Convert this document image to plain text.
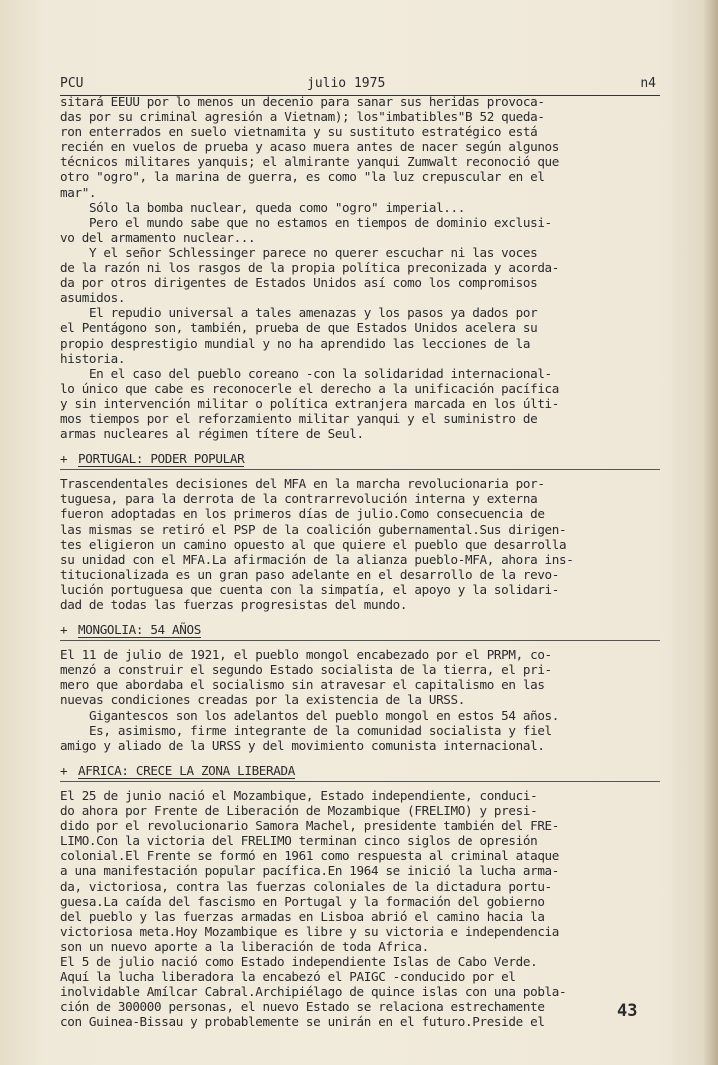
PCU	julio 1975	n4

sitará EEUU por lo menos un decenio para sanar sus heridas provoca-
das por su criminal agresión a Vietnam); los"imbatibles"B 52 queda-
ron enterrados en suelo vietnamita y su sustituto estratégico está
recién en vuelos de prueba y acaso muera antes de nacer según algunos
técnicos militares yanquis; el almirante yanqui Zumwalt reconoció que
otro "ogro", la marina de guerra, es como "la luz crepuscular en el
mar".
Sólo la bomba nuclear, queda como "ogro" imperial...
Pero el mundo sabe que no estamos en tiempos de dominio exclusi-
vo del armamento nuclear...
Y el señor Schlessinger parece no querer escuchar ni las voces
de la razón ni los rasgos de la propia política preconizada y acorda-
da por otros dirigentes de Estados Unidos así como los compromisos
asumidos.
El repudio universal a tales amenazas y los pasos ya dados por
el Pentágono son, también, prueba de que Estados Unidos acelera su
propio desprestigio mundial y no ha aprendido las lecciones de la
historia.
En el caso del pueblo coreano -con la solidaridad internacional-
lo único que cabe es reconocerle el derecho a la unificación pacífica
y sin intervención militar o política extranjera marcada en los últi-
mos tiempos por el reforzamiento militar yanqui y el suministro de
armas nucleares al régimen títere de Seul.

+ PORTUGAL: PODER POPULAR

Trascendentales decisiones del MFA en la marcha revolucionaria por-
tuguesa, para la derrota de la contrarrevolución interna y externa
fueron adoptadas en los primeros días de julio.Como consecuencia de
las mismas se retiró el PSP de la coalición gubernamental.Sus dirigen-
tes eligieron un camino opuesto al que quiere el pueblo que desarrolla
su unidad con el MFA.La afirmación de la alianza pueblo-MFA, ahora ins-
titucionalizada es un gran paso adelante en el desarrollo de la revo-
lución portuguesa que cuenta con la simpatía, el apoyo y la solidari-
dad de todas las fuerzas progresistas del mundo.

+ MONGOLIA: 54 AÑOS

El 11 de julio de 1921, el pueblo mongol encabezado por el PRPM, co-
menzó a construir el segundo Estado socialista de la tierra, el pri-
mero que abordaba el socialismo sin atravesar el capitalismo en las
nuevas condiciones creadas por la existencia de la URSS.
Gigantescos son los adelantos del pueblo mongol en estos 54 años.
Es, asimismo, firme integrante de la comunidad socialista y fiel
amigo y aliado de la URSS y del movimiento comunista internacional.

+ AFRICA: CRECE LA ZONA LIBERADA

El 25 de junio nació el Mozambique, Estado independiente, conduci-
do ahora por Frente de Liberación de Mozambique (FRELIMO) y presi-
dido por el revolucionario Samora Machel, presidente también del FRE-
LIMO.Con la victoria del FRELIMO terminan cinco siglos de opresión
colonial.El Frente se formó en 1961 como respuesta al criminal ataque
a una manifestación popular pacífica.En 1964 se inició la lucha arma-
da, victoriosa, contra las fuerzas coloniales de la dictadura portu-
guesa.La caída del fascismo en Portugal y la formación del gobierno
del pueblo y las fuerzas armadas en Lisboa abrió el camino hacia la
victoriosa meta.Hoy Mozambique es libre y su victoria e independencia
son un nuevo aporte a la liberación de toda Africa.
El 5 de julio nació como Estado independiente Islas de Cabo Verde.
Aquí la lucha liberadora la encabezó el PAIGC -conducido por el
inolvidable Amílcar Cabral.Archipiélago de quince islas con una pobla-
ción de 300000 personas, el nuevo Estado se relaciona estrechamente
con Guinea-Bissau y probablemente se unirán en el futuro.Preside el

43
